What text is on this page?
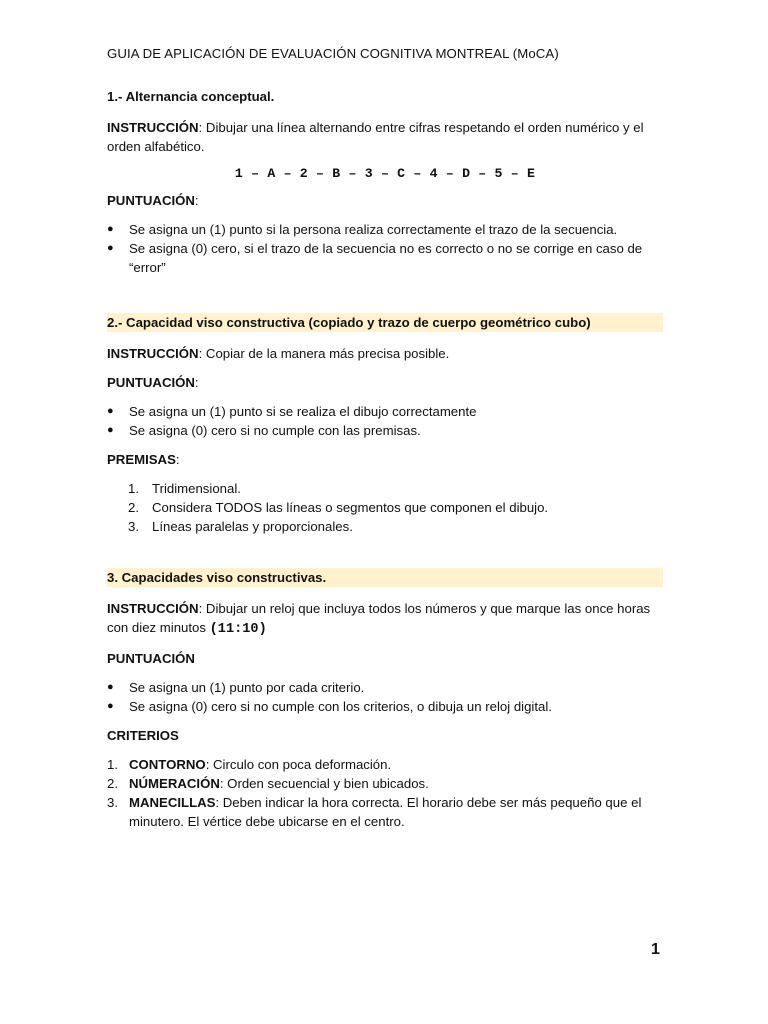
GUIA DE APLICACIÓN DE EVALUACIÓN COGNITIVA MONTREAL (MoCA)
1.- Alternancia conceptual.

INSTRUCCIÓN: Dibujar una línea alternando entre cifras respetando el orden numérico y el orden alfabético.

1 – A – 2 – B – 3 – C – 4 – D – 5 – E

PUNTUACIÓN:

● Se asigna un (1) punto si la persona realiza correctamente el trazo de la secuencia.
● Se asigna (0) cero, si el trazo de la secuencia no es correcto o no se corrige en caso de “error”
2.- Capacidad viso constructiva (copiado y trazo de cuerpo geométrico cubo)

INSTRUCCIÓN: Copiar de la manera más precisa posible.

PUNTUACIÓN:

● Se asigna un (1) punto si se realiza el dibujo correctamente
● Se asigna (0) cero si no cumple con las premisas.

PREMISAS:

1. Tridimensional.
2. Considera TODOS las líneas o segmentos que componen el dibujo.
3. Líneas paralelas y proporcionales.
3. Capacidades viso constructivas.

INSTRUCCIÓN: Dibujar un reloj que incluya todos los números y que marque las once horas con diez minutos (11:10)

PUNTUACIÓN

● Se asigna un (1) punto por cada criterio.
● Se asigna (0) cero si no cumple con los criterios, o dibuja un reloj digital.

CRITERIOS

1. CONTORNO: Circulo con poca deformación.
2. NÚMERACIÓN: Orden secuencial y bien ubicados.
3. MANECILLAS: Deben indicar la hora correcta. El horario debe ser más pequeño que el minutero. El vértice debe ubicarse en el centro.
1
